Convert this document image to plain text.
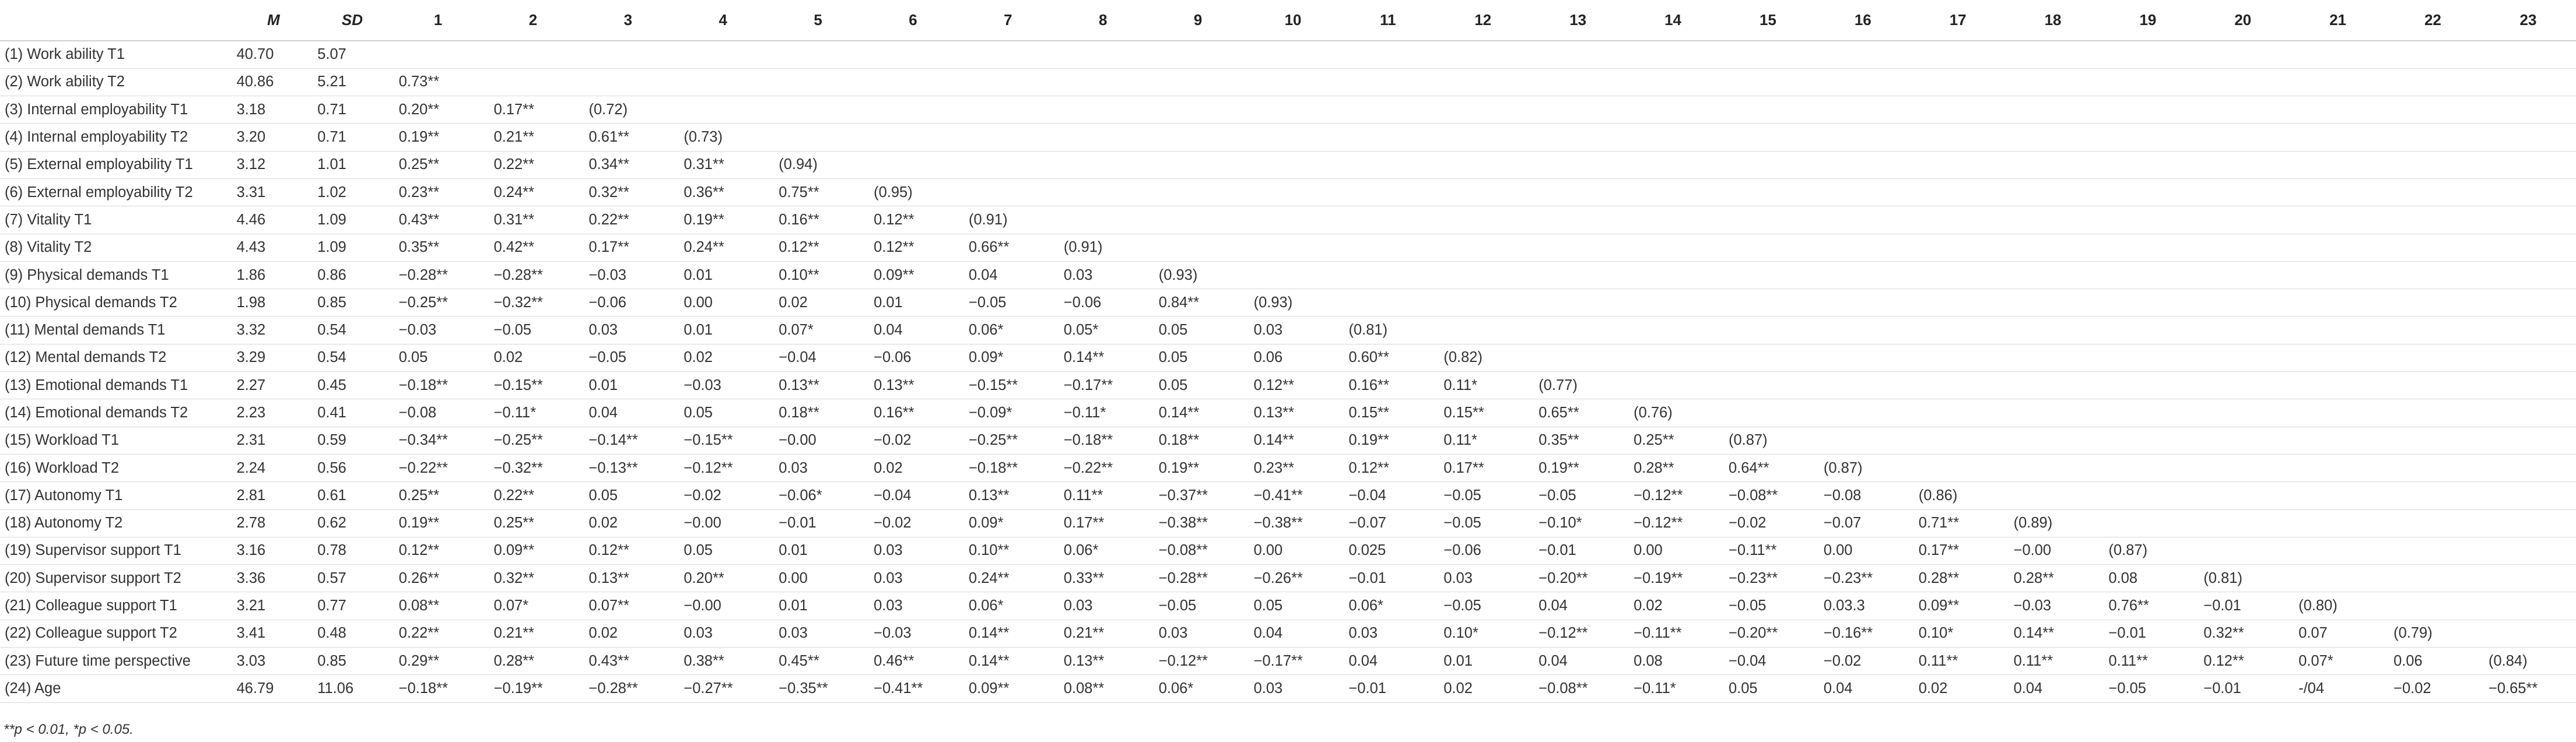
	M	SD	1	2	3	4	5	6	7	8	9	10	11	12	13	14	15	16	17	18	19	20	21	22	23
(1) Work ability T1	40.70	5.07																							
(2) Work ability T2	40.86	5.21	0.73**																						
(3) Internal employability T1	3.18	0.71	0.20**	0.17**	(0.72)																				
(4) Internal employability T2	3.20	0.71	0.19**	0.21**	0.61**	(0.73)																			
(5) External employability T1	3.12	1.01	0.25**	0.22**	0.34**	0.31**	(0.94)																		
(6) External employability T2	3.31	1.02	0.23**	0.24**	0.32**	0.36**	0.75**	(0.95)																	
(7) Vitality T1	4.46	1.09	0.43**	0.31**	0.22**	0.19**	0.16**	0.12**	(0.91)																
(8) Vitality T2	4.43	1.09	0.35**	0.42**	0.17**	0.24**	0.12**	0.12**	0.66**	(0.91)															
(9) Physical demands T1	1.86	0.86	−0.28**	−0.28**	−0.03	0.01	0.10**	0.09**	0.04	0.03	(0.93)														
(10) Physical demands T2	1.98	0.85	−0.25**	−0.32**	−0.06	0.00	0.02	0.01	−0.05	−0.06	0.84**	(0.93)													
(11) Mental demands T1	3.32	0.54	−0.03	−0.05	0.03	0.01	0.07*	0.04	0.06*	0.05*	0.05	0.03	(0.81)												
(12) Mental demands T2	3.29	0.54	0.05	0.02	−0.05	0.02	−0.04	−0.06	0.09*	0.14**	0.05	0.06	0.60**	(0.82)											
(13) Emotional demands T1	2.27	0.45	−0.18**	−0.15**	0.01	−0.03	0.13**	0.13**	−0.15**	−0.17**	0.05	0.12**	0.16**	0.11*	(0.77)										
(14) Emotional demands T2	2.23	0.41	−0.08	−0.11*	0.04	0.05	0.18**	0.16**	−0.09*	−0.11*	0.14**	0.13**	0.15**	0.15**	0.65**	(0.76)									
(15) Workload T1	2.31	0.59	−0.34**	−0.25**	−0.14**	−0.15**	−0.00	−0.02	−0.25**	−0.18**	0.18**	0.14**	0.19**	0.11*	0.35**	0.25**	(0.87)								
(16) Workload T2	2.24	0.56	−0.22**	−0.32**	−0.13**	−0.12**	0.03	0.02	−0.18**	−0.22**	0.19**	0.23**	0.12**	0.17**	0.19**	0.28**	0.64**	(0.87)							
(17) Autonomy T1	2.81	0.61	0.25**	0.22**	0.05	−0.02	−0.06*	−0.04	0.13**	0.11**	−0.37**	−0.41**	−0.04	−0.05	−0.05	−0.12**	−0.08**	−0.08	(0.86)						
(18) Autonomy T2	2.78	0.62	0.19**	0.25**	0.02	−0.00	−0.01	−0.02	0.09*	0.17**	−0.38**	−0.38**	−0.07	−0.05	−0.10*	−0.12**	−0.02	−0.07	0.71**	(0.89)					
(19) Supervisor support T1	3.16	0.78	0.12**	0.09**	0.12**	0.05	0.01	0.03	0.10**	0.06*	−0.08**	0.00	0.025	−0.06	−0.01	0.00	−0.11**	0.00	0.17**	−0.00	(0.87)				
(20) Supervisor support T2	3.36	0.57	0.26**	0.32**	0.13**	0.20**	0.00	0.03	0.24**	0.33**	−0.28**	−0.26**	−0.01	0.03	−0.20**	−0.19**	−0.23**	−0.23**	0.28**	0.28**	0.08	(0.81)			
(21) Colleague support T1	3.21	0.77	0.08**	0.07*	0.07**	−0.00	0.01	0.03	0.06*	0.03	−0.05	0.05	0.06*	−0.05	0.04	0.02	−0.05	0.03.3	0.09**	−0.03	0.76**	−0.01	(0.80)		
(22) Colleague support T2	3.41	0.48	0.22**	0.21**	0.02	0.03	0.03	−0.03	0.14**	0.21**	0.03	0.04	0.03	0.10*	−0.12**	−0.11**	−0.20**	−0.16**	0.10*	0.14**	−0.01	0.32**	0.07	(0.79)	
(23) Future time perspective	3.03	0.85	0.29**	0.28**	0.43**	0.38**	0.45**	0.46**	0.14**	0.13**	−0.12**	−0.17**	0.04	0.01	0.04	0.08	−0.04	−0.02	0.11**	0.11**	0.11**	0.12**	0.07*	0.06	(0.84)
(24) Age	46.79	11.06	−0.18**	−0.19**	−0.28**	−0.27**	−0.35**	−0.41**	0.09**	0.08**	0.06*	0.03	−0.01	0.02	−0.08**	−0.11*	0.05	0.04	0.02	0.04	−0.05	−0.01	-/04	−0.02	−0.65**
**p < 0.01, *p < 0.05.
